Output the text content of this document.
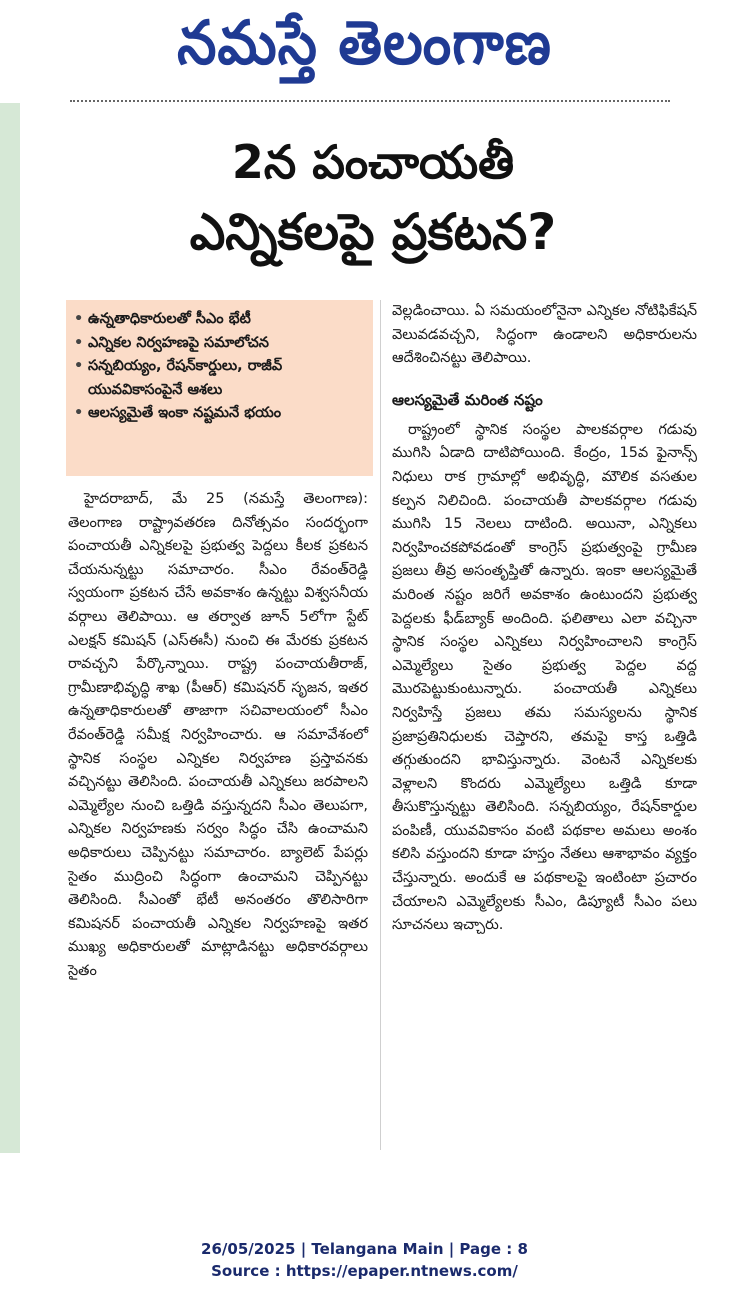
నమస్తే తెలంగాణ
2న పంచాయతీ
ఎన్నికలపై ప్రకటన?
• ఉన్నతాధికారులతో సీఎం భేటీ
• ఎన్నికల నిర్వహణపై సమాలోచన
• సన్నబియ్యం, రేషన్‌కార్డులు, రాజీవ్ యువవికాసంపైనే ఆశలు
• ఆలస్యమైతే ఇంకా నష్టమనే భయం

హైదరాబాద్, మే 25 (నమస్తే తెలంగాణ): తెలంగాణ రాష్ట్రావతరణ దినోత్సవం సందర్భంగా పంచాయతీ ఎన్నికలపై ప్రభుత్వ పెద్దలు కీలక ప్రకటన చేయనున్నట్టు సమాచారం. సీఎం రేవంత్‌రెడ్డి స్వయంగా ప్రకటన చేసే అవకాశం ఉన్నట్టు విశ్వసనీయ వర్గాలు తెలిపాయి. ఆ తర్వాత జూన్ 5లోగా స్టేట్ ఎలక్షన్ కమిషన్ (ఎస్ఈసీ) నుంచి ఈ మేరకు ప్రకటన రావచ్చని పేర్కొన్నాయి. రాష్ట్ర పంచాయతీరాజ్, గ్రామీణాభివృద్ధి శాఖ (పీఆర్) కమిషనర్ సృజన, ఇతర ఉన్నతాధికారులతో తాజాగా సచివాలయంలో సీఎం రేవంత్‌రెడ్డి సమీక్ష నిర్వహించారు. ఆ సమావేశంలో స్థానిక సంస్థల ఎన్నికల నిర్వహణ ప్రస్తావనకు వచ్చినట్టు తెలిసింది. పంచాయతీ ఎన్నికలు జరపాలని ఎమ్మెల్యేల నుంచి ఒత్తిడి వస్తున్నదని సీఎం తెలుపగా, ఎన్నికల నిర్వహణకు సర్వం సిద్ధం చేసి ఉంచామని అధికారులు చెప్పినట్టు సమాచారం. బ్యాలెట్ పేపర్లు సైతం ముద్రించి సిద్ధంగా ఉంచామని చెప్పినట్టు తెలిసింది. సీఎంతో భేటీ అనంతరం తొలిసారిగా కమిషనర్ పంచాయతీ ఎన్నికల నిర్వహణపై ఇతర ముఖ్య అధికారులతో మాట్లాడినట్టు అధికారవర్గాలు సైతం

వెల్లడించాయి. ఏ సమయంలోనైనా ఎన్నికల నోటిఫికేషన్ వెలువడవచ్చని, సిద్ధంగా ఉండాలని అధికారులను ఆదేశించినట్టు తెలిపాయి.

ఆలస్యమైతే మరింత నష్టం

రాష్ట్రంలో స్థానిక సంస్థల పాలకవర్గాల గడువు ముగిసి ఏడాది దాటిపోయింది. కేంద్రం, 15వ ఫైనాన్స్ నిధులు రాక గ్రామాల్లో అభివృద్ధి, మౌలిక వసతుల కల్పన నిలిచింది. పంచాయతీ పాలకవర్గాల గడువు ముగిసి 15 నెలలు దాటింది. అయినా, ఎన్నికలు నిర్వహించకపోవడంతో కాంగ్రెస్ ప్రభుత్వంపై గ్రామీణ ప్రజలు తీవ్ర అసంతృప్తితో ఉన్నారు. ఇంకా ఆలస్యమైతే మరింత నష్టం జరిగే అవకాశం ఉంటుందని ప్రభుత్వ పెద్దలకు ఫీడ్‌బ్యాక్ అందింది. ఫలితాలు ఎలా వచ్చినా స్థానిక సంస్థల ఎన్నికలు నిర్వహించాలని కాంగ్రెస్ ఎమ్మెల్యేలు సైతం ప్రభుత్వ పెద్దల వద్ద మొరపెట్టుకుంటున్నారు. పంచాయతీ ఎన్నికలు నిర్వహిస్తే ప్రజలు తమ సమస్యలను స్థానిక ప్రజాప్రతినిధులకు చెప్తారని, తమపై కాస్త ఒత్తిడి తగ్గుతుందని భావిస్తున్నారు. వెంటనే ఎన్నికలకు వెళ్లాలని కొందరు ఎమ్మెల్యేలు ఒత్తిడి కూడా తీసుకొస్తున్నట్టు తెలిసింది. సన్నబియ్యం, రేషన్‌కార్డుల పంపిణీ, యువవికాసం వంటి పథకాల అమలు అంశం కలిసి వస్తుందని కూడా హస్తం నేతలు ఆశాభావం వ్యక్తం చేస్తున్నారు. అందుకే ఆ పథకాలపై ఇంటింటా ప్రచారం చేయాలని ఎమ్మెల్యేలకు సీఎం, డిప్యూటీ సీఎం పలు సూచనలు ఇచ్చారు.

26/05/2025 | Telangana Main | Page : 8
Source : https://epaper.ntnews.com/
